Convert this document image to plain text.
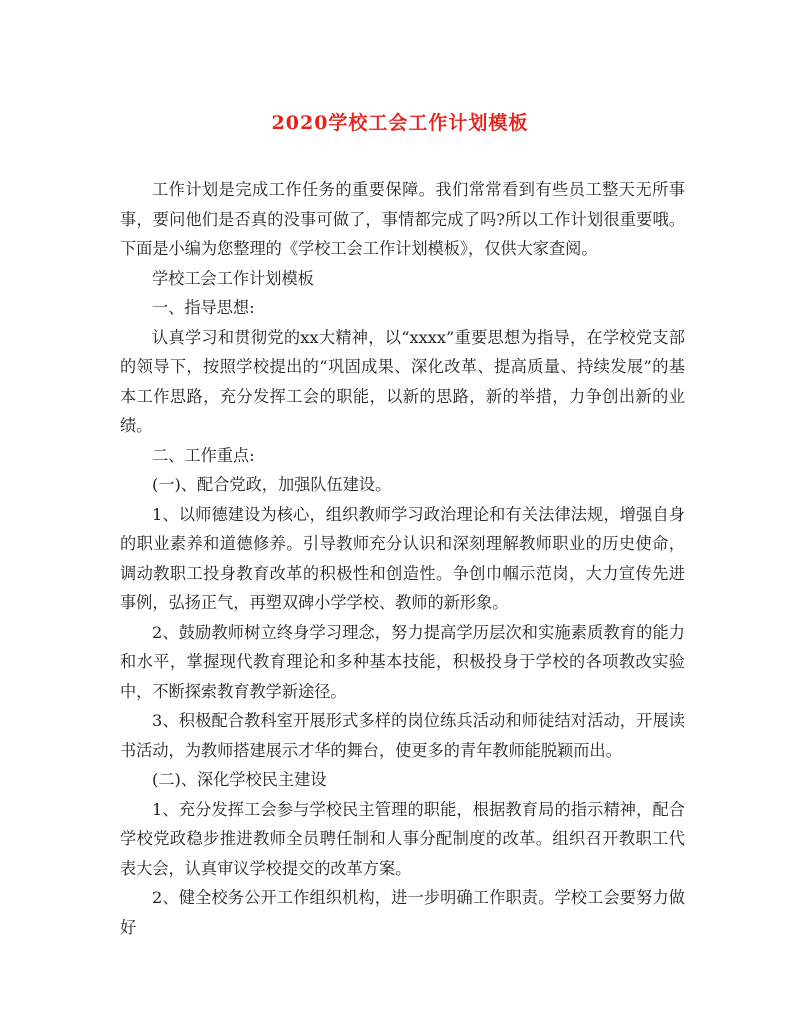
2020学校工会工作计划模板

工作计划是完成工作任务的重要保障。我们常常看到有些员工整天无所事事，要问他们是否真的没事可做了，事情都完成了吗?所以工作计划很重要哦。下面是小编为您整理的《学校工会工作计划模板》，仅供大家查阅。

学校工会工作计划模板

一、指导思想:

认真学习和贯彻党的xx大精神，以“xxxx”重要思想为指导，在学校党支部的领导下，按照学校提出的“巩固成果、深化改革、提高质量、持续发展”的基本工作思路，充分发挥工会的职能，以新的思路，新的举措，力争创出新的业绩。

二、工作重点:

(一)、配合党政，加强队伍建设。

1、以师德建设为核心，组织教师学习政治理论和有关法律法规，增强自身的职业素养和道德修养。引导教师充分认识和深刻理解教师职业的历史使命，调动教职工投身教育改革的积极性和创造性。争创巾帼示范岗，大力宣传先进事例，弘扬正气，再塑双碑小学学校、教师的新形象。

2、鼓励教师树立终身学习理念，努力提高学历层次和实施素质教育的能力和水平，掌握现代教育理论和多种基本技能，积极投身于学校的各项教改实验中，不断探索教育教学新途径。

3、积极配合教科室开展形式多样的岗位练兵活动和师徒结对活动，开展读书活动，为教师搭建展示才华的舞台，使更多的青年教师能脱颖而出。

(二)、深化学校民主建设

1、充分发挥工会参与学校民主管理的职能，根据教育局的指示精神，配合学校党政稳步推进教师全员聘任制和人事分配制度的改革。组织召开教职工代表大会，认真审议学校提交的改革方案。

2、健全校务公开工作组织机构，进一步明确工作职责。学校工会要努力做好
